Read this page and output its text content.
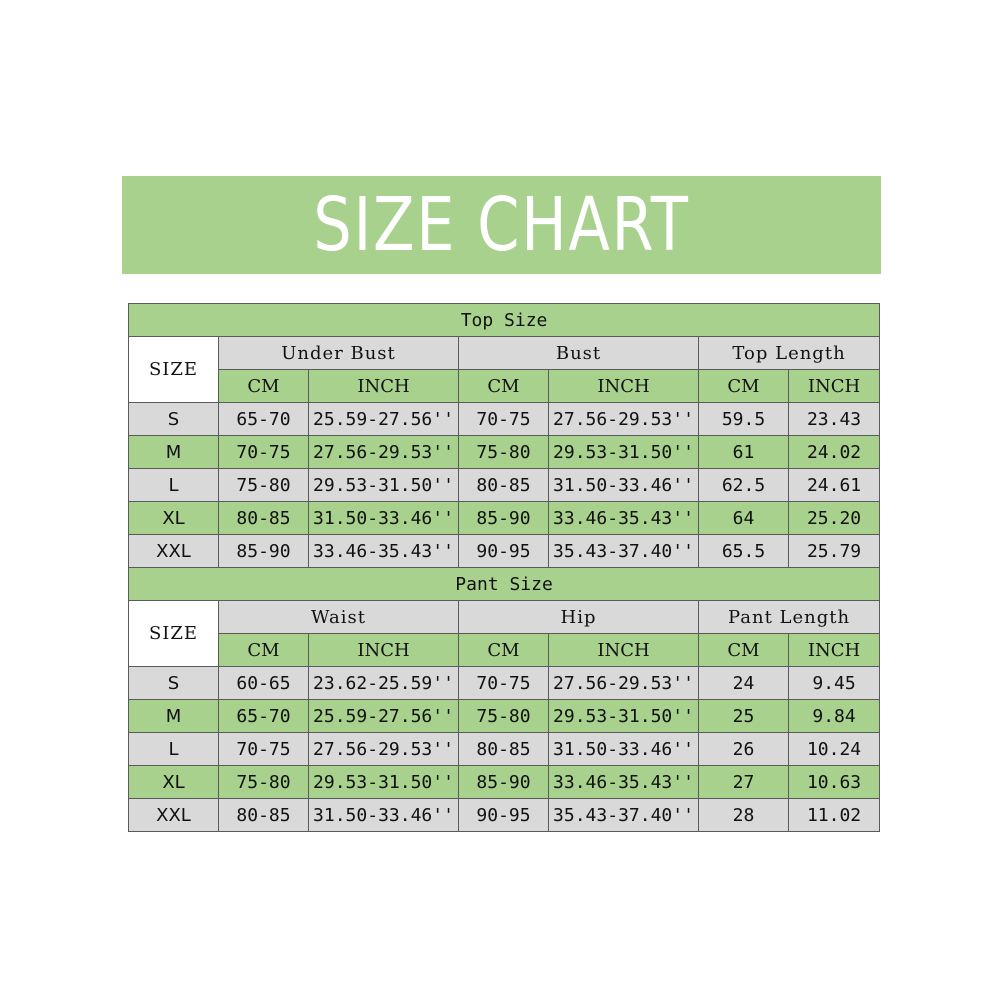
SIZE CHART
Top Size						
SIZE	Under Bust		Bust		Top Length	
	CM	INCH	CM	INCH	CM	INCH
S	65-70	25.59-27.56''	70-75	27.56-29.53''	59.5	23.43
M	70-75	27.56-29.53''	75-80	29.53-31.50''	61	24.02
L	75-80	29.53-31.50''	80-85	31.50-33.46''	62.5	24.61
XL	80-85	31.50-33.46''	85-90	33.46-35.43''	64	25.20
XXL	85-90	33.46-35.43''	90-95	35.43-37.40''	65.5	25.79
Pant Size						
SIZE	Waist		Hip		Pant Length	
	CM	INCH	CM	INCH	CM	INCH
S	60-65	23.62-25.59''	70-75	27.56-29.53''	24	9.45
M	65-70	25.59-27.56''	75-80	29.53-31.50''	25	9.84
L	70-75	27.56-29.53''	80-85	31.50-33.46''	26	10.24
XL	75-80	29.53-31.50''	85-90	33.46-35.43''	27	10.63
XXL	80-85	31.50-33.46''	90-95	35.43-37.40''	28	11.02
